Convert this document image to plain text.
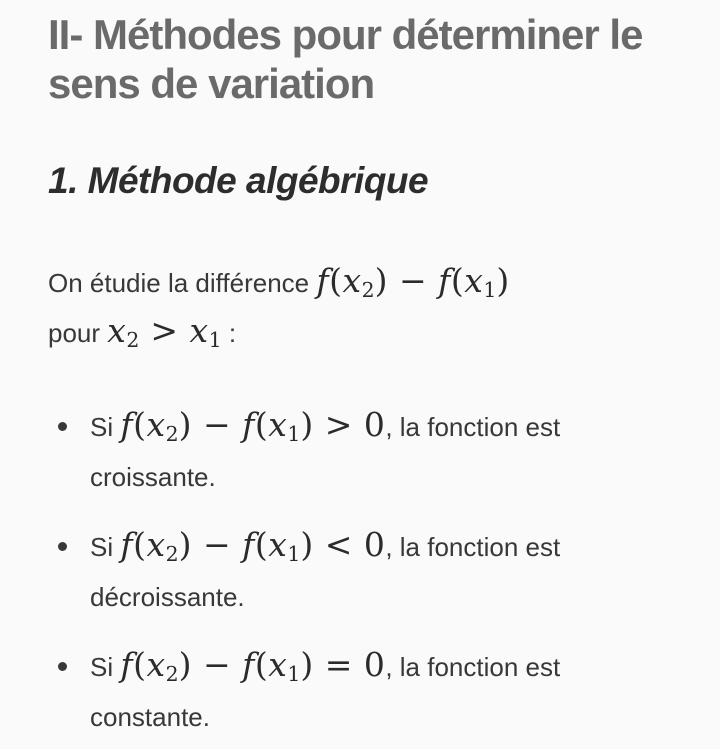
II- Méthodes pour déterminer le sens de variation
1. Méthode algébrique

On étudie la différence $f(x_2) - f(x_1)$
pour $x_2 > x_1$ :

Si $f(x_2) - f(x_1) > 0$, la fonction est
croissante.
Si $f(x_2) - f(x_1) < 0$, la fonction est
décroissante.
Si $f(x_2) - f(x_1) = 0$, la fonction est
constante.
